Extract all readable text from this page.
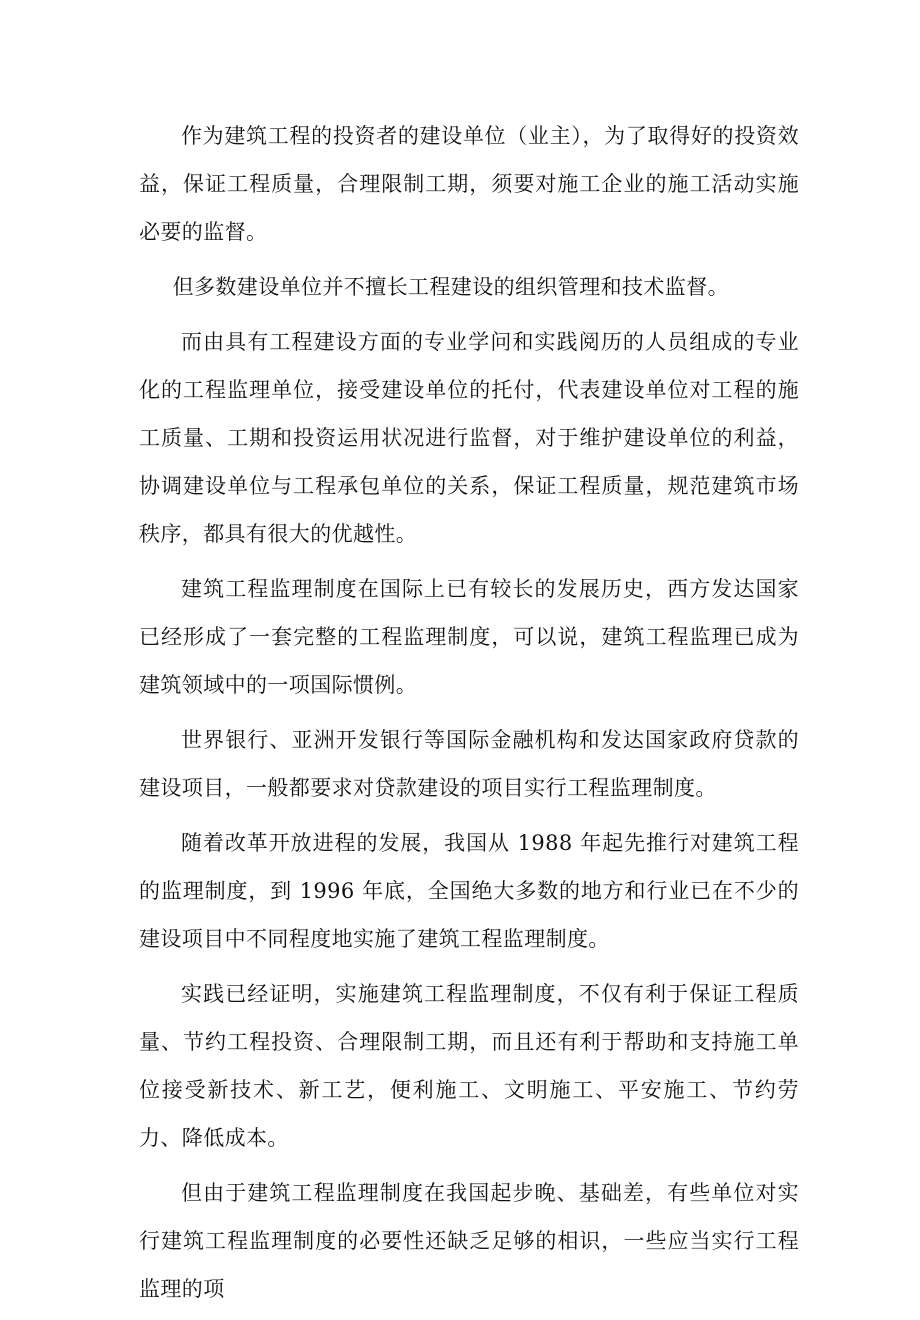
作为建筑工程的投资者的建设单位（业主），为了取得好的投资效益，保证工程质量，合理限制工期，须要对施工企业的施工活动实施必要的监督。

但多数建设单位并不擅长工程建设的组织管理和技术监督。

而由具有工程建设方面的专业学问和实践阅历的人员组成的专业化的工程监理单位，接受建设单位的托付，代表建设单位对工程的施工质量、工期和投资运用状况进行监督，对于维护建设单位的利益，协调建设单位与工程承包单位的关系，保证工程质量，规范建筑市场秩序，都具有很大的优越性。

建筑工程监理制度在国际上已有较长的发展历史，西方发达国家已经形成了一套完整的工程监理制度，可以说，建筑工程监理已成为建筑领域中的一项国际惯例。

世界银行、亚洲开发银行等国际金融机构和发达国家政府贷款的建设项目，一般都要求对贷款建设的项目实行工程监理制度。

随着改革开放进程的发展，我国从 1988 年起先推行对建筑工程的监理制度，到 1996 年底，全国绝大多数的地方和行业已在不少的建设项目中不同程度地实施了建筑工程监理制度。

实践已经证明，实施建筑工程监理制度，不仅有利于保证工程质量、节约工程投资、合理限制工期，而且还有利于帮助和支持施工单位接受新技术、新工艺，便利施工、文明施工、平安施工、节约劳力、降低成本。

但由于建筑工程监理制度在我国起步晚、基础差，有些单位对实行建筑工程监理制度的必要性还缺乏足够的相识，一些应当实行工程监理的项
